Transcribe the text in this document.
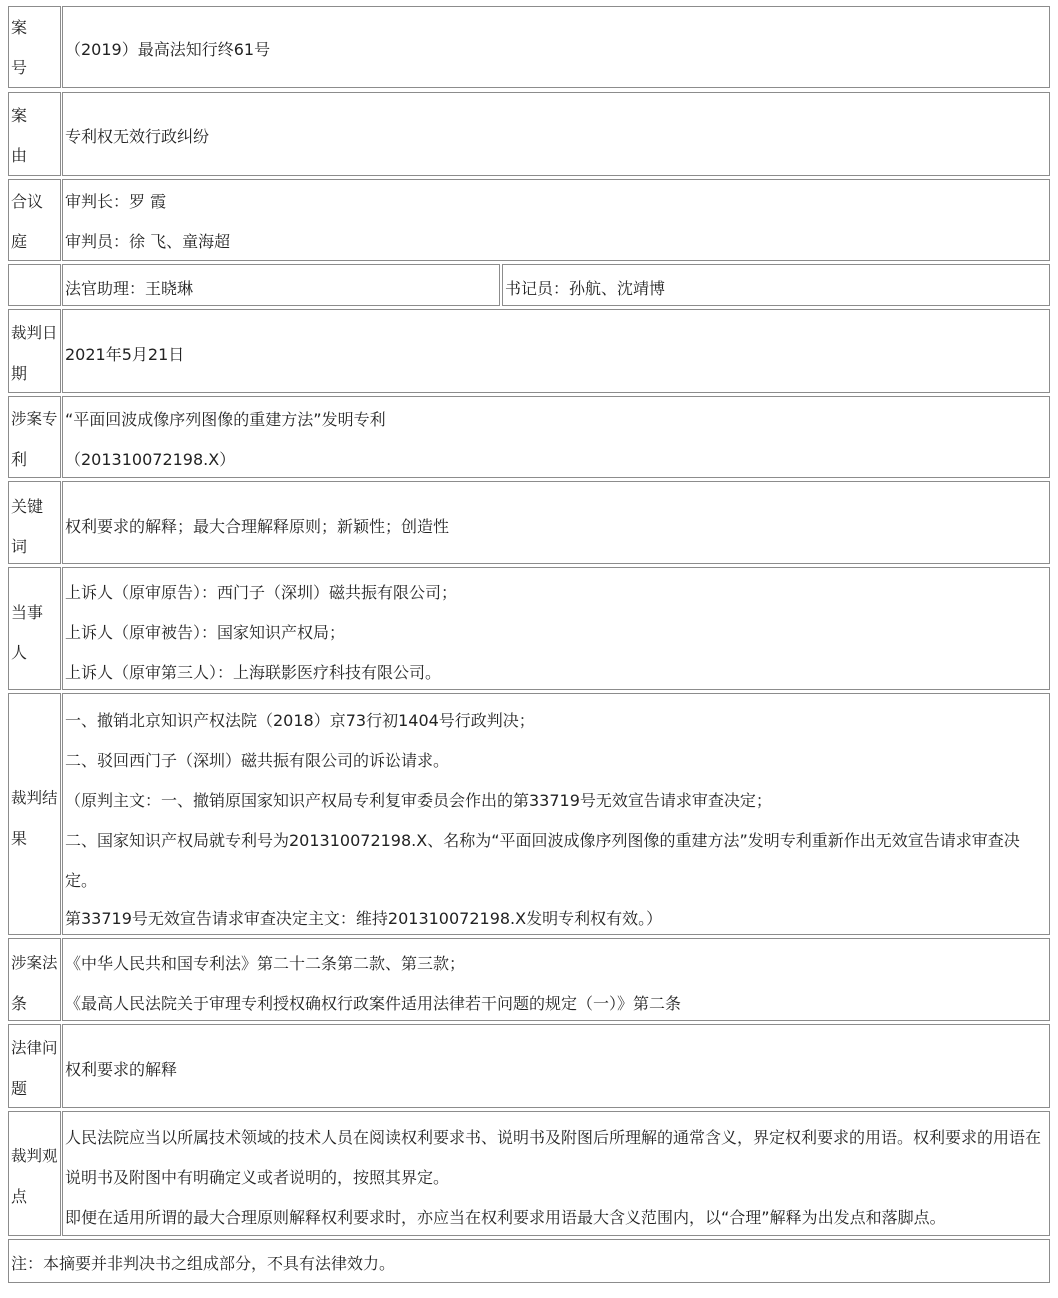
案
号
（2019）最高法知行终61号
案
由
专利权无效行政纠纷
合议
庭
审判长：罗 霞
审判员：徐 飞、童海超
法官助理：王晓琳	书记员：孙航、沈靖博
裁判日
期
2021年5月21日
涉案专
利
“平面回波成像序列图像的重建方法”发明专利
（201310072198.X）
关键
词
权利要求的解释；最大合理解释原则；新颖性；创造性
当事
人
上诉人（原审原告）：西门子（深圳）磁共振有限公司；
上诉人（原审被告）：国家知识产权局；
上诉人（原审第三人）：上海联影医疗科技有限公司。
裁判结
果
一、撤销北京知识产权法院（2018）京73行初1404号行政判决；
二、驳回西门子（深圳）磁共振有限公司的诉讼请求。
（原判主文：一、撤销原国家知识产权局专利复审委员会作出的第33719号无效宣告请求审查决定；
二、国家知识产权局就专利号为201310072198.X、名称为“平面回波成像序列图像的重建方法”发明专利重新作出无效宣告请求审查决
定。
第33719号无效宣告请求审查决定主文：维持201310072198.X发明专利权有效。）
涉案法
条
《中华人民共和国专利法》第二十二条第二款、第三款；
《最高人民法院关于审理专利授权确权行政案件适用法律若干问题的规定（一）》第二条
法律问
题
权利要求的解释
裁判观
点
人民法院应当以所属技术领域的技术人员在阅读权利要求书、说明书及附图后所理解的通常含义，界定权利要求的用语。权利要求的用语在
说明书及附图中有明确定义或者说明的，按照其界定。
即便在适用所谓的最大合理原则解释权利要求时，亦应当在权利要求用语最大含义范围内，以“合理”解释为出发点和落脚点。
注：本摘要并非判决书之组成部分，不具有法律效力。
